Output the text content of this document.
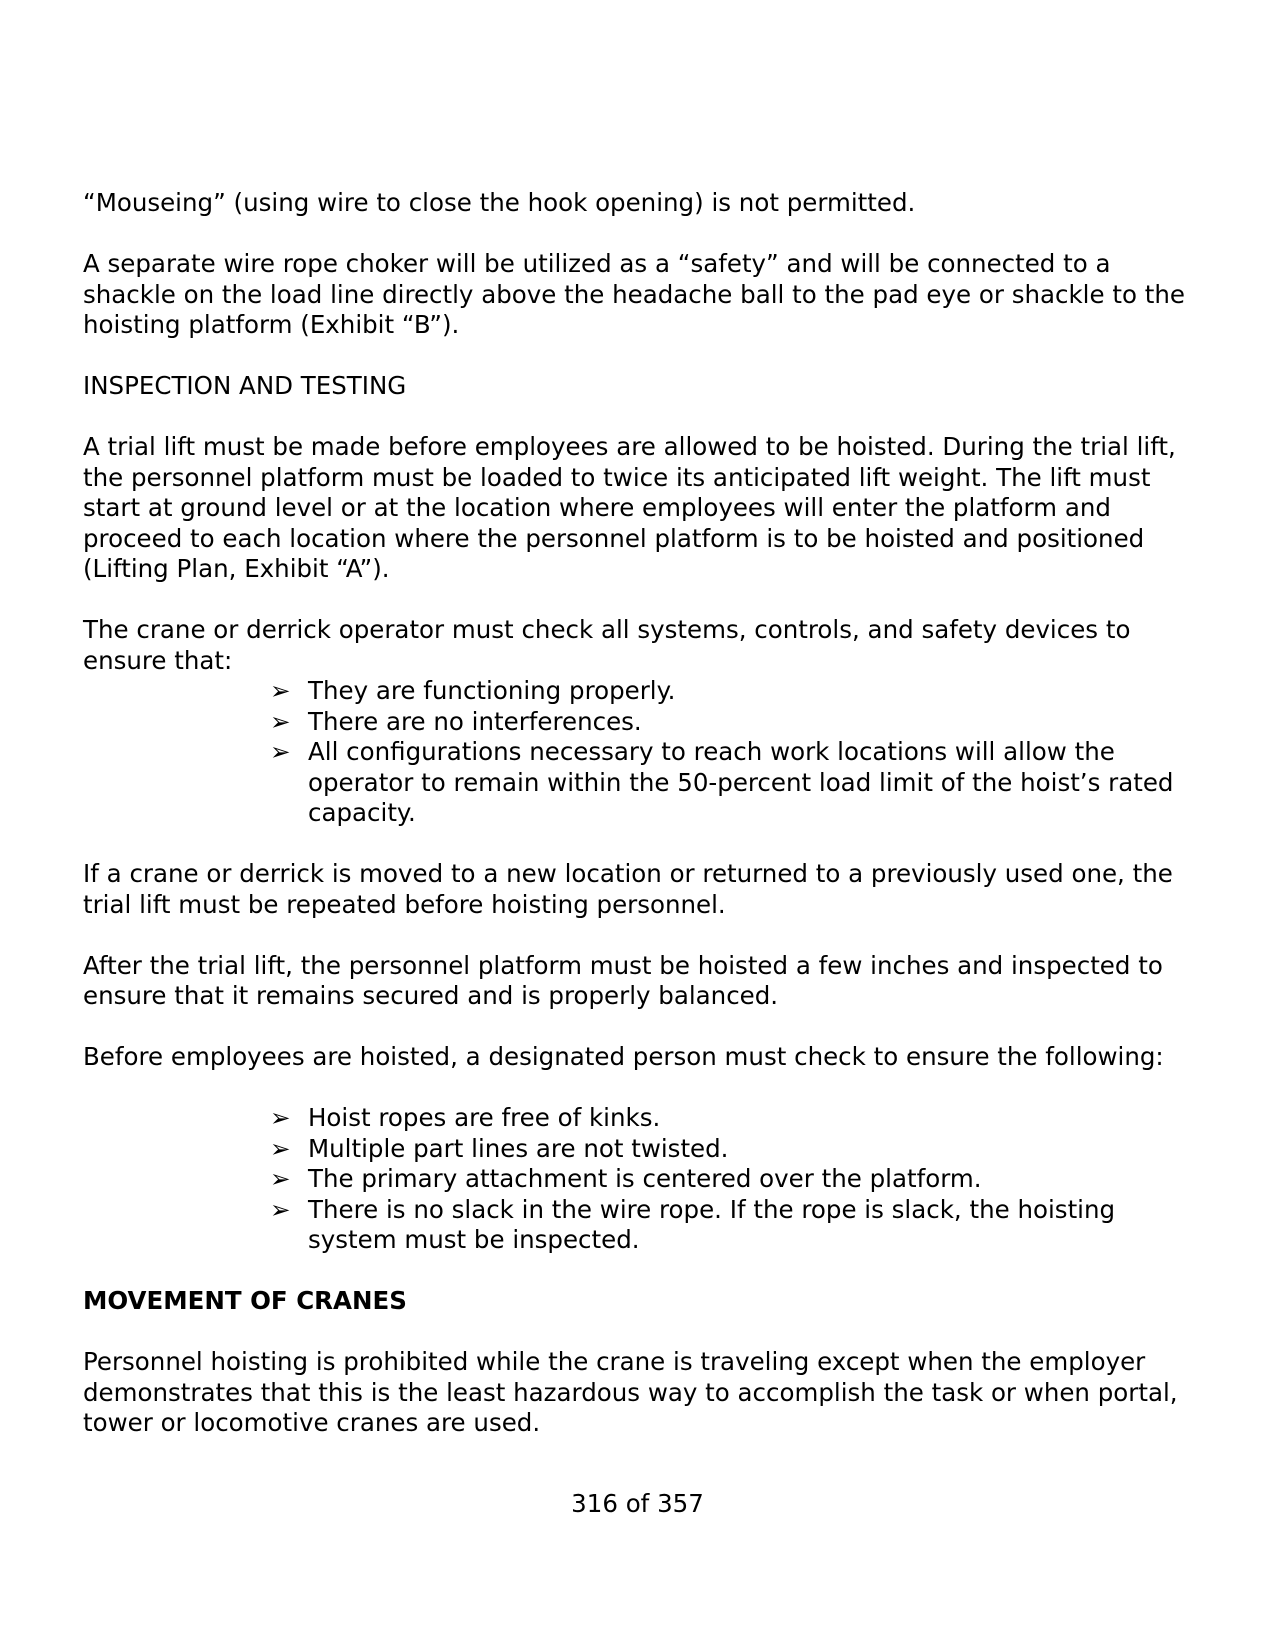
“Mouseing” (using wire to close the hook opening) is not permitted.

A separate wire rope choker will be utilized as a “safety” and will be connected to a shackle on the load line directly above the headache ball to the pad eye or shackle to the hoisting platform (Exhibit “B”).

INSPECTION AND TESTING

A trial lift must be made before employees are allowed to be hoisted. During the trial lift, the personnel platform must be loaded to twice its anticipated lift weight. The lift must start at ground level or at the location where employees will enter the platform and proceed to each location where the personnel platform is to be hoisted and positioned (Lifting Plan, Exhibit “A”).

The crane or derrick operator must check all systems, controls, and safety devices to ensure that:

➢ They are functioning properly.
➢ There are no interferences.
➢ All configurations necessary to reach work locations will allow the operator to remain within the 50-percent load limit of the hoist’s rated capacity.

If a crane or derrick is moved to a new location or returned to a previously used one, the trial lift must be repeated before hoisting personnel.

After the trial lift, the personnel platform must be hoisted a few inches and inspected to ensure that it remains secured and is properly balanced.

Before employees are hoisted, a designated person must check to ensure the following:

➢ Hoist ropes are free of kinks.
➢ Multiple part lines are not twisted.
➢ The primary attachment is centered over the platform.
➢ There is no slack in the wire rope. If the rope is slack, the hoisting system must be inspected.
MOVEMENT OF CRANES

Personnel hoisting is prohibited while the crane is traveling except when the employer demonstrates that this is the least hazardous way to accomplish the task or when portal, tower or locomotive cranes are used.

316 of 357
